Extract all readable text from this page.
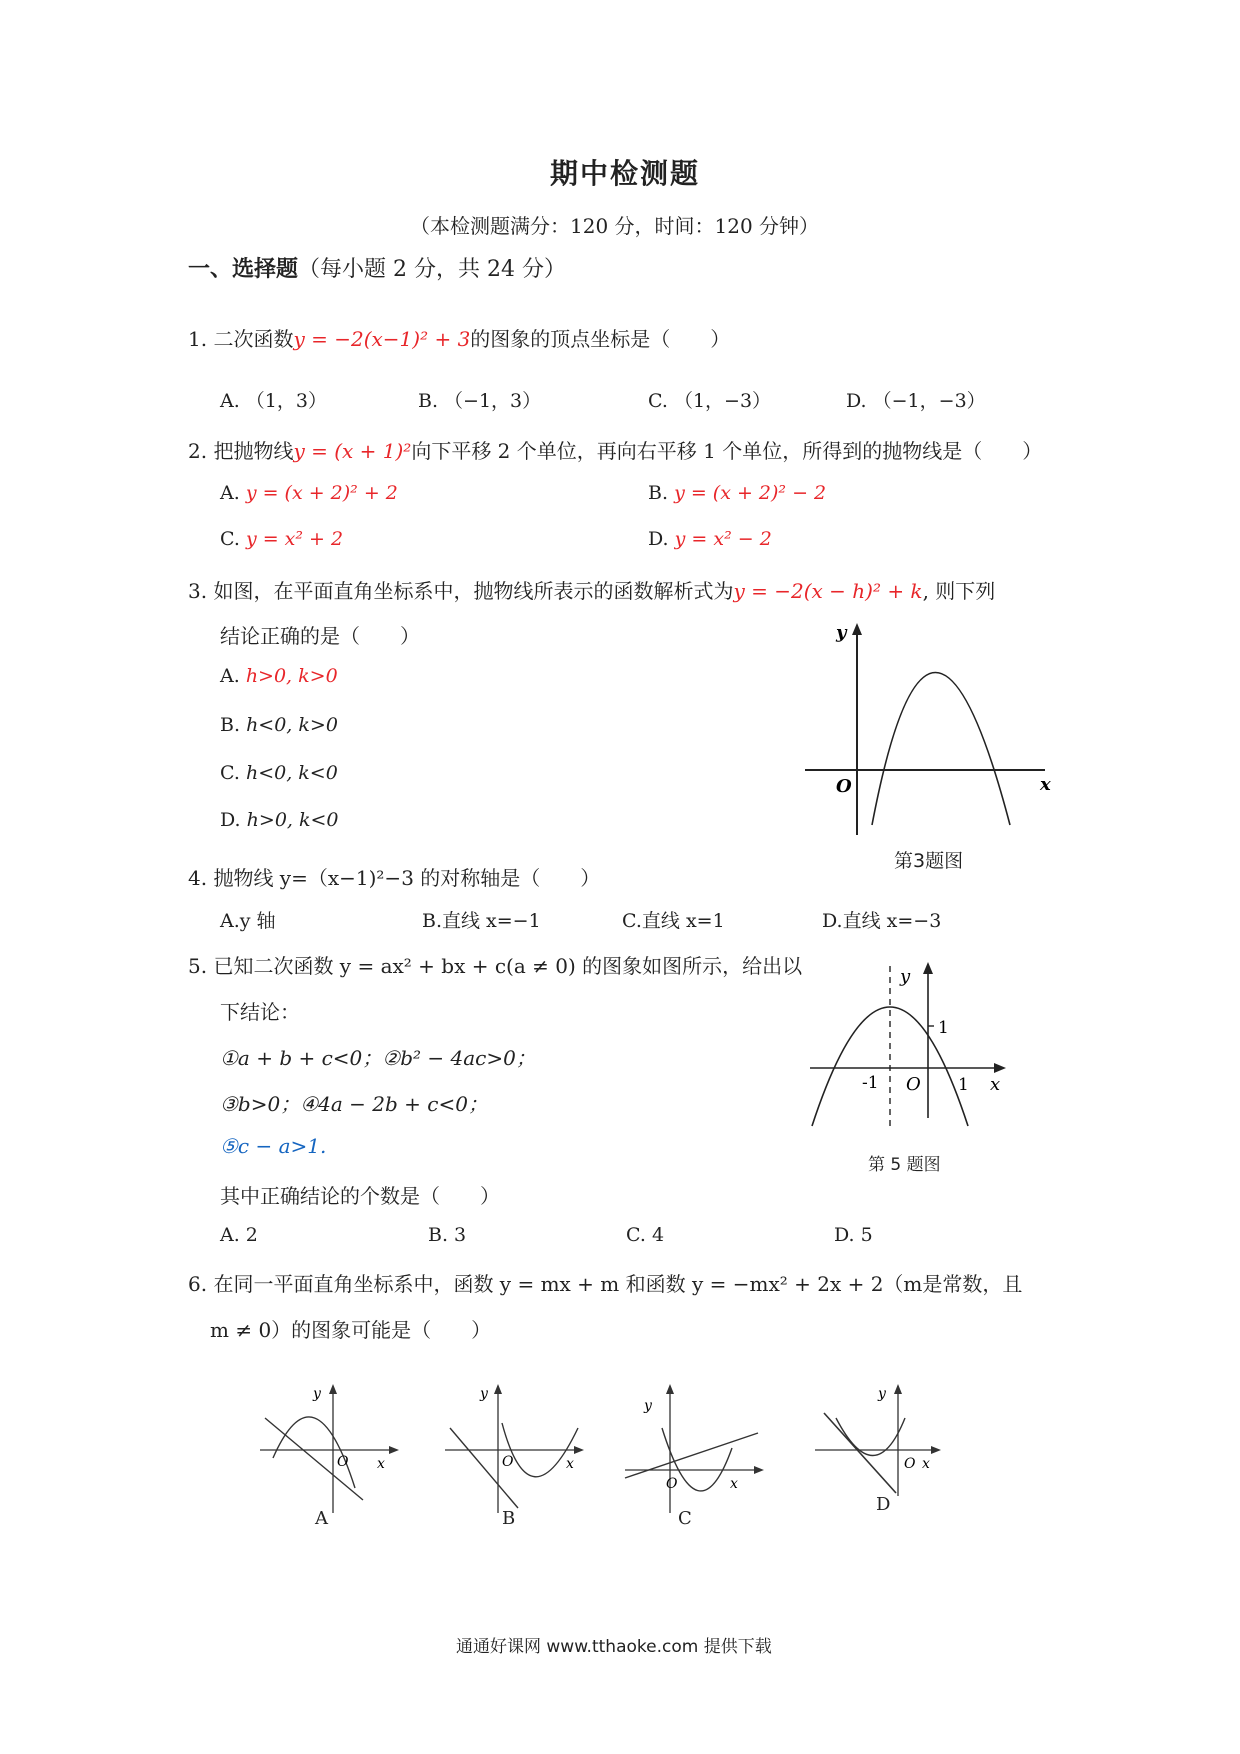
期中检测题
（本检测题满分：120 分，时间：120 分钟）
一、选择题（每小题 2 分，共 24 分）
1. 二次函数y = −2(x−1)² + 3的图象的顶点坐标是（　　）
A. （1，3）	B. （−1，3）	C. （1，−3）	D. （−1，−3）
2. 把抛物线y = (x + 1)²向下平移 2 个单位，再向右平移 1 个单位，所得到的抛物线是（　　）
A. y = (x + 2)² + 2	B. y = (x + 2)² − 2
C. y = x² + 2	D. y = x² − 2
3. 如图，在平面直角坐标系中，抛物线所表示的函数解析式为y = −2(x − h)² + k, 则下列
结论正确的是（　　）
A. h>0, k>0
B. h<0, k>0
C. h<0, k<0
D. h>0, k<0
y
x
O
第3题图
4. 抛物线 y=（x−1)²−3 的对称轴是（　　）
A.y 轴	B.直线 x=−1	C.直线 x=1	D.直线 x=−3
5. 已知二次函数 y = ax² + bx + c(a ≠ 0) 的图象如图所示，给出以
下结论：
①a + b + c<0；②b² − 4ac>0；
③b>0；④4a − 2b + c<0；
⑤c − a>1.
其中正确结论的个数是（　　）
A. 2	B. 3	C. 4	D. 5
y
x
O
1
1
-1
第 5 题图
6. 在同一平面直角坐标系中，函数 y = mx + m 和函数 y = −mx² + 2x + 2（m是常数，且
m ≠ 0）的图象可能是（　　）
y
x
O
A
y
x
O
B
y
x
O
C
y
x
O
D
通通好课网 www.tthaoke.com 提供下载
